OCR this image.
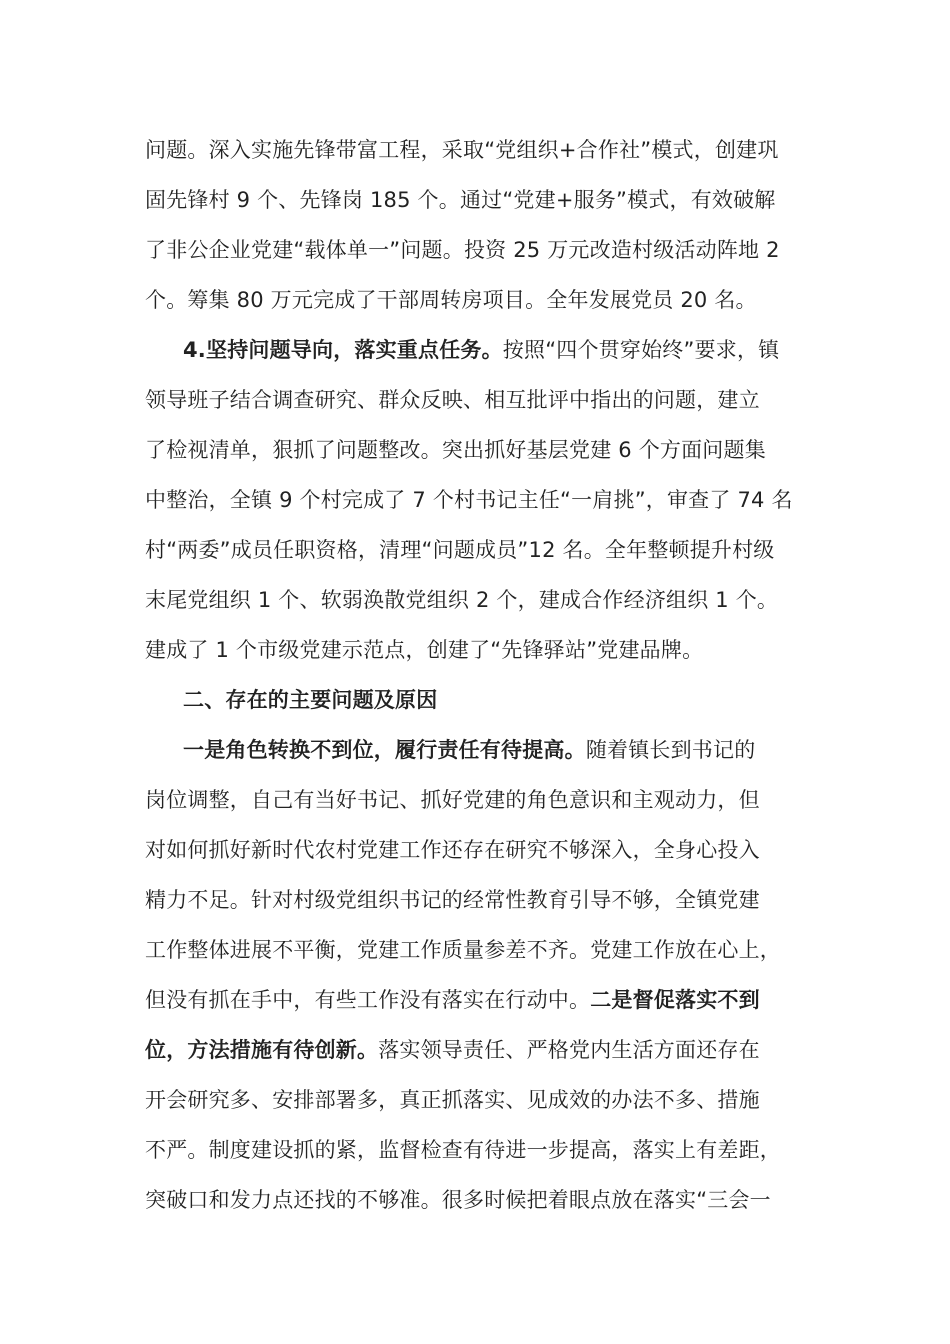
问题。深入实施先锋带富工程，采取“党组织+合作社”模式，创建巩
固先锋村 9 个、先锋岗 185 个。通过“党建+服务”模式，有效破解
了非公企业党建“载体单一”问题。投资 25 万元改造村级活动阵地 2
个。筹集 80 万元完成了干部周转房项目。全年发展党员 20 名。
4.坚持问题导向，落实重点任务。按照“四个贯穿始终”要求，镇
领导班子结合调查研究、群众反映、相互批评中指出的问题，建立
了检视清单，狠抓了问题整改。突出抓好基层党建 6 个方面问题集
中整治，全镇 9 个村完成了 7 个村书记主任“一肩挑”，审查了 74 名
村“两委”成员任职资格，清理“问题成员”12 名。全年整顿提升村级
末尾党组织 1 个、软弱涣散党组织 2 个，建成合作经济组织 1 个。
建成了 1 个市级党建示范点，创建了“先锋驿站”党建品牌。
二、存在的主要问题及原因
一是角色转换不到位，履行责任有待提高。随着镇长到书记的
岗位调整，自己有当好书记、抓好党建的角色意识和主观动力，但
对如何抓好新时代农村党建工作还存在研究不够深入，全身心投入
精力不足。针对村级党组织书记的经常性教育引导不够，全镇党建
工作整体进展不平衡，党建工作质量参差不齐。党建工作放在心上，
但没有抓在手中，有些工作没有落实在行动中。二是督促落实不到
位，方法措施有待创新。落实领导责任、严格党内生活方面还存在
开会研究多、安排部署多，真正抓落实、见成效的办法不多、措施
不严。制度建设抓的紧，监督检查有待进一步提高，落实上有差距，
突破口和发力点还找的不够准。很多时候把着眼点放在落实“三会一
